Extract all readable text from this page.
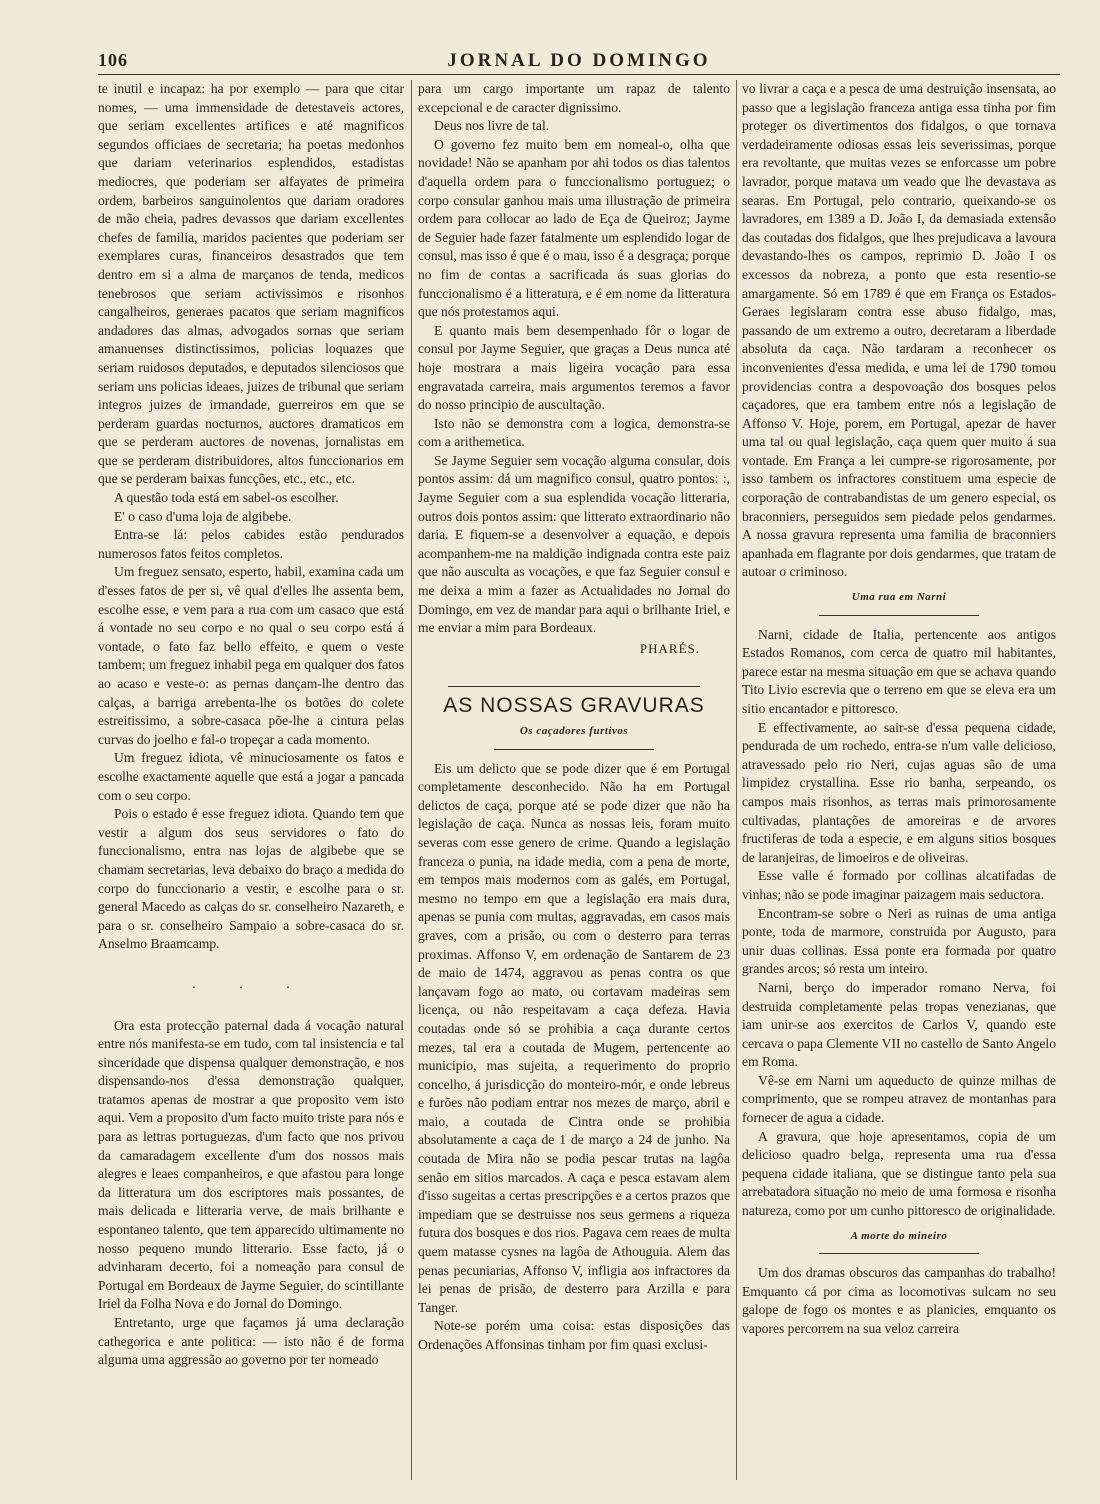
106	JORNAL DO DOMINGO

te inutil e incapaz: ha por exemplo — para que citar nomes, — uma immensidade de detestaveis actores, que seriam excellentes artifices e até magnificos segundos officiaes de secretaria; ha poetas medonhos que dariam veterinarios esplendidos, estadistas mediocres, que poderiam ser alfayates de primeira ordem, barbeiros sanguinolentos que dariam oradores de mão cheia, padres devassos que dariam excellentes chefes de familia, maridos pacientes que poderiam ser exemplares curas, financeiros desastrados que tem dentro em si a alma de marçanos de tenda, medicos tenebrosos que seriam activissimos e risonhos cangalheiros, generaes pacatos que seriam magnificos andadores das almas, advogados sornas que seriam amanuenses distinctissimos, policias loquazes que seriam ruidosos deputados, e deputados silenciosos que seriam uns policias ideaes, juizes de tribunal que seriam integros juizes de irmandade, guerreiros em que se perderam guardas nocturnos, auctores dramaticos em que se perderam auctores de novenas, jornalistas em que se perderam distribuidores, altos funccionarios em que se perderam baixas funcções, etc., etc., etc.

A questão toda está em sabel-os escolher.

E' o caso d'uma loja de algibebe.

Entra-se lá: pelos cabides estão pendurados numerosos fatos feitos completos.

Um freguez sensato, esperto, habil, examina cada um d'esses fatos de per si, vê qual d'elles lhe assenta bem, escolhe esse, e vem para a rua com um casaco que está á vontade no seu corpo e no qual o seu corpo está á vontade, o fato faz bello effeito, e quem o veste tambem; um freguez inhabil pega em qualquer dos fatos ao acaso e veste-o: as pernas dançam-lhe dentro das calças, a barriga arrebenta-lhe os botões do colete estreitissimo, a sobre-casaca põe-lhe a cintura pelas curvas do joelho e fal-o tropeçar a cada momento.

Um freguez idiota, vê minuciosamente os fatos e escolhe exactamente aquelle que está a jogar a pancada com o seu corpo.

Pois o estado é esse freguez idiota. Quando tem que vestir a algum dos seus servidores o fato do funccionalismo, entra nas lojas de algibebe que se chamam secretarias, leva debaixo do braço a medida do corpo do funccionario a vestir, e escolhe para o sr. general Macedo as calças do sr. conselheiro Nazareth, e para o sr. conselheiro Sampaio a sobre-casaca do sr. Anselmo Braamcamp.

. . .

Ora esta protecção paternal dada á vocação natural entre nós manifesta-se em tudo, com tal insistencia e tal sinceridade que dispensa qualquer demonstração, e nos dispensando-nos d'essa demonstração qualquer, tratamos apenas de mostrar a que proposito vem isto aqui. Vem a proposito d'um facto muito triste para nós e para as lettras portuguezas, d'um facto que nos privou da camaradagem excellente d'um dos nossos mais alegres e leaes companheiros, e que afastou para longe da litteratura um dos escriptores mais possantes, de mais delicada e litteraria verve, de mais brilhante e espontaneo talento, que tem apparecido ultimamente no nosso pequeno mundo litterario. Esse facto, já o advinharam decerto, foi a nomeação para consul de Portugal em Bordeaux de Jayme Seguier, do scintillante Iriel da Folha Nova e do Jornal do Domingo.

Entretanto, urge que façamos já uma declaração cathegorica e ante politica: — isto não é de forma alguma uma aggressão ao governo por ter nomeado

para um cargo importante um rapaz de talento excepcional e de caracter dignissimo.

Deus nos livre de tal.

O governo fez muito bem em nomeal-o, olha que novidade! Não se apanham por ahi todos os dias talentos d'aquella ordem para o funccionalismo portuguez; o corpo consular ganhou mais uma illustração de primeira ordem para collocar ao lado de Eça de Queiroz; Jayme de Seguier hade fazer fatalmente um esplendido logar de consul, mas isso é que é o mau, isso é a desgraça; porque no fim de contas a sacrificada ás suas glorias do funccionalismo é a litteratura, e é em nome da litteratura que nós protestamos aqui.

E quanto mais bem desempenhado fôr o logar de consul por Jayme Seguier, que graças a Deus nunca até hoje mostrara a mais ligeira vocação para essa engravatada carreira, mais argumentos teremos a favor do nosso principio de auscultação.

Isto não se demonstra com a logica, demonstra-se com a arithemetica.

Se Jayme Seguier sem vocação alguma consular, dois pontos assim: dá um magnifico consul, quatro pontos: :, Jayme Seguier com a sua esplendida vocação litteraria, outros dois pontos assim: que litterato extraordinario não daria. E fiquem-se a desenvolver a equação, e depois acompanhem-me na maldição indignada contra este paiz que não ausculta as vocações, e que faz Seguier consul e me deixa a mim a fazer as Actualidades no Jornal do Domingo, em vez de mandar para aqui o brilhante Iriel, e me enviar a mim para Bordeaux.

PHARÉS.
AS NOSSAS GRAVURAS
Os caçadores furtivos

Eis um delicto que se pode dizer que é em Portugal completamente desconhecido. Não ha em Portugal delictos de caça, porque até se pode dizer que não ha legislação de caça. Nunca as nossas leis, foram muito severas com esse genero de crime. Quando a legislação franceza o punia, na idade media, com a pena de morte, em tempos mais modernos com as galés, em Portugal, mesmo no tempo em que a legislação era mais dura, apenas se punia com multas, aggravadas, em casos mais graves, com a prisão, ou com o desterro para terras proximas. Affonso V, em ordenação de Santarem de 23 de maio de 1474, aggravou as penas contra os que lançavam fogo ao mato, ou cortavam madeiras sem licença, ou não respeitavam a caça defeza. Havia coutadas onde só se prohibia a caça durante certos mezes, tal era a coutada de Mugem, pertencente ao municipio, mas sujeita, a requerimento do proprio concelho, á jurisdicção do monteiro-mór, e onde lebreus e furões não podiam entrar nos mezes de março, abril e maio, a coutada de Cintra onde se prohibia absolutamente a caça de 1 de março a 24 de junho. Na coutada de Mira não se podia pescar trutas na lagôa senão em sitios marcados. A caça e pesca estavam alem d'isso sugeitas a certas prescripções e a certos prazos que impediam que se destruisse nos seus germens a riqueza futura dos bosques e dos rios. Pagava cem reaes de multa quem matasse cysnes na lagôa de Athouguia. Alem das penas pecuniarias, Affonso V, infligia aos infractores da lei penas de prisão, de desterro para Arzilla e para Tanger.

Note-se porém uma coisa: estas disposições das Ordenações Affonsinas tinham por fim quasi exclusi-

vo livrar a caça e a pesca de uma destruição insensata, ao passo que a legislação franceza antiga essa tinha por fim proteger os divertimentos dos fidalgos, o que tornava verdadeiramente odiosas essas leis severissimas, porque era revoltante, que muitas vezes se enforcasse um pobre lavrador, porque matava um veado que lhe devastava as searas. Em Portugal, pelo contrario, queixando-se os lavradores, em 1389 a D. João I, da demasiada extensão das coutadas dos fidalgos, que lhes prejudicava a lavoura devastando-lhes os campos, reprimio D. João I os excessos da nobreza, a ponto que esta resentio-se amargamente. Só em 1789 é que em França os Estados-Geraes legislaram contra esse abuso fidalgo, mas, passando de um extremo a outro, decretaram a liberdade absoluta da caça. Não tardaram a reconhecer os inconvenientes d'essa medida, e uma lei de 1790 tomou providencias contra a despovoação dos bosques pelos caçadores, que era tambem entre nós a legislação de Affonso V. Hoje, porem, em Portugal, apezar de haver uma tal ou qual legislação, caça quem quer muito á sua vontade. Em França a lei cumpre-se rigorosamente, por isso tambem os infractores constituem uma especie de corporação de contrabandistas de um genero especial, os braconniers, perseguidos sem piedade pelos gendarmes. A nossa gravura representa uma familia de braconniers apanhada em flagrante por dois gendarmes, que tratam de autoar o criminoso.

Uma rua em Narni

Narni, cidade de Italia, pertencente aos antigos Estados Romanos, com cerca de quatro mil habitantes, parece estar na mesma situação em que se achava quando Tito Livio escrevia que o terreno em que se eleva era um sitio encantador e pittoresco.

E effectivamente, ao sair-se d'essa pequena cidade, pendurada de um rochedo, entra-se n'um valle delicioso, atravessado pelo rio Neri, cujas aguas são de uma limpidez crystallina. Esse rio banha, serpeando, os campos mais risonhos, as terras mais primorosamente cultivadas, plantações de amoreiras e de arvores fructiferas de toda a especie, e em alguns sitios bosques de laranjeiras, de limoeiros e de oliveiras.

Esse valle é formado por collinas alcatifadas de vinhas; não se pode imaginar paizagem mais seductora.

Encontram-se sobre o Neri as ruinas de uma antiga ponte, toda de marmore, construida por Augusto, para unir duas collinas. Essa ponte era formada por quatro grandes arcos; só resta um inteiro.

Narni, berço do imperador romano Nerva, foi destruida completamente pelas tropas venezianas, que iam unir-se aos exercitos de Carlos V, quando este cercava o papa Clemente VII no castello de Santo Angelo em Roma.

Vê-se em Narni um aqueducto de quinze milhas de comprimento, que se rompeu atravez de montanhas para fornecer de agua a cidade.

A gravura, que hoje apresentamos, copia de um delicioso quadro belga, representa uma rua d'essa pequena cidade italiana, que se distingue tanto pela sua arrebatadora situação no meio de uma formosa e risonha natureza, como por um cunho pittoresco de originalidade.

A morte do mineiro

Um dos dramas obscuros das campanhas do trabalho! Emquanto cá por cima as locomotivas sulcam no seu galope de fogo os montes e as planicies, emquanto os vapores percorrem na sua veloz carreira
